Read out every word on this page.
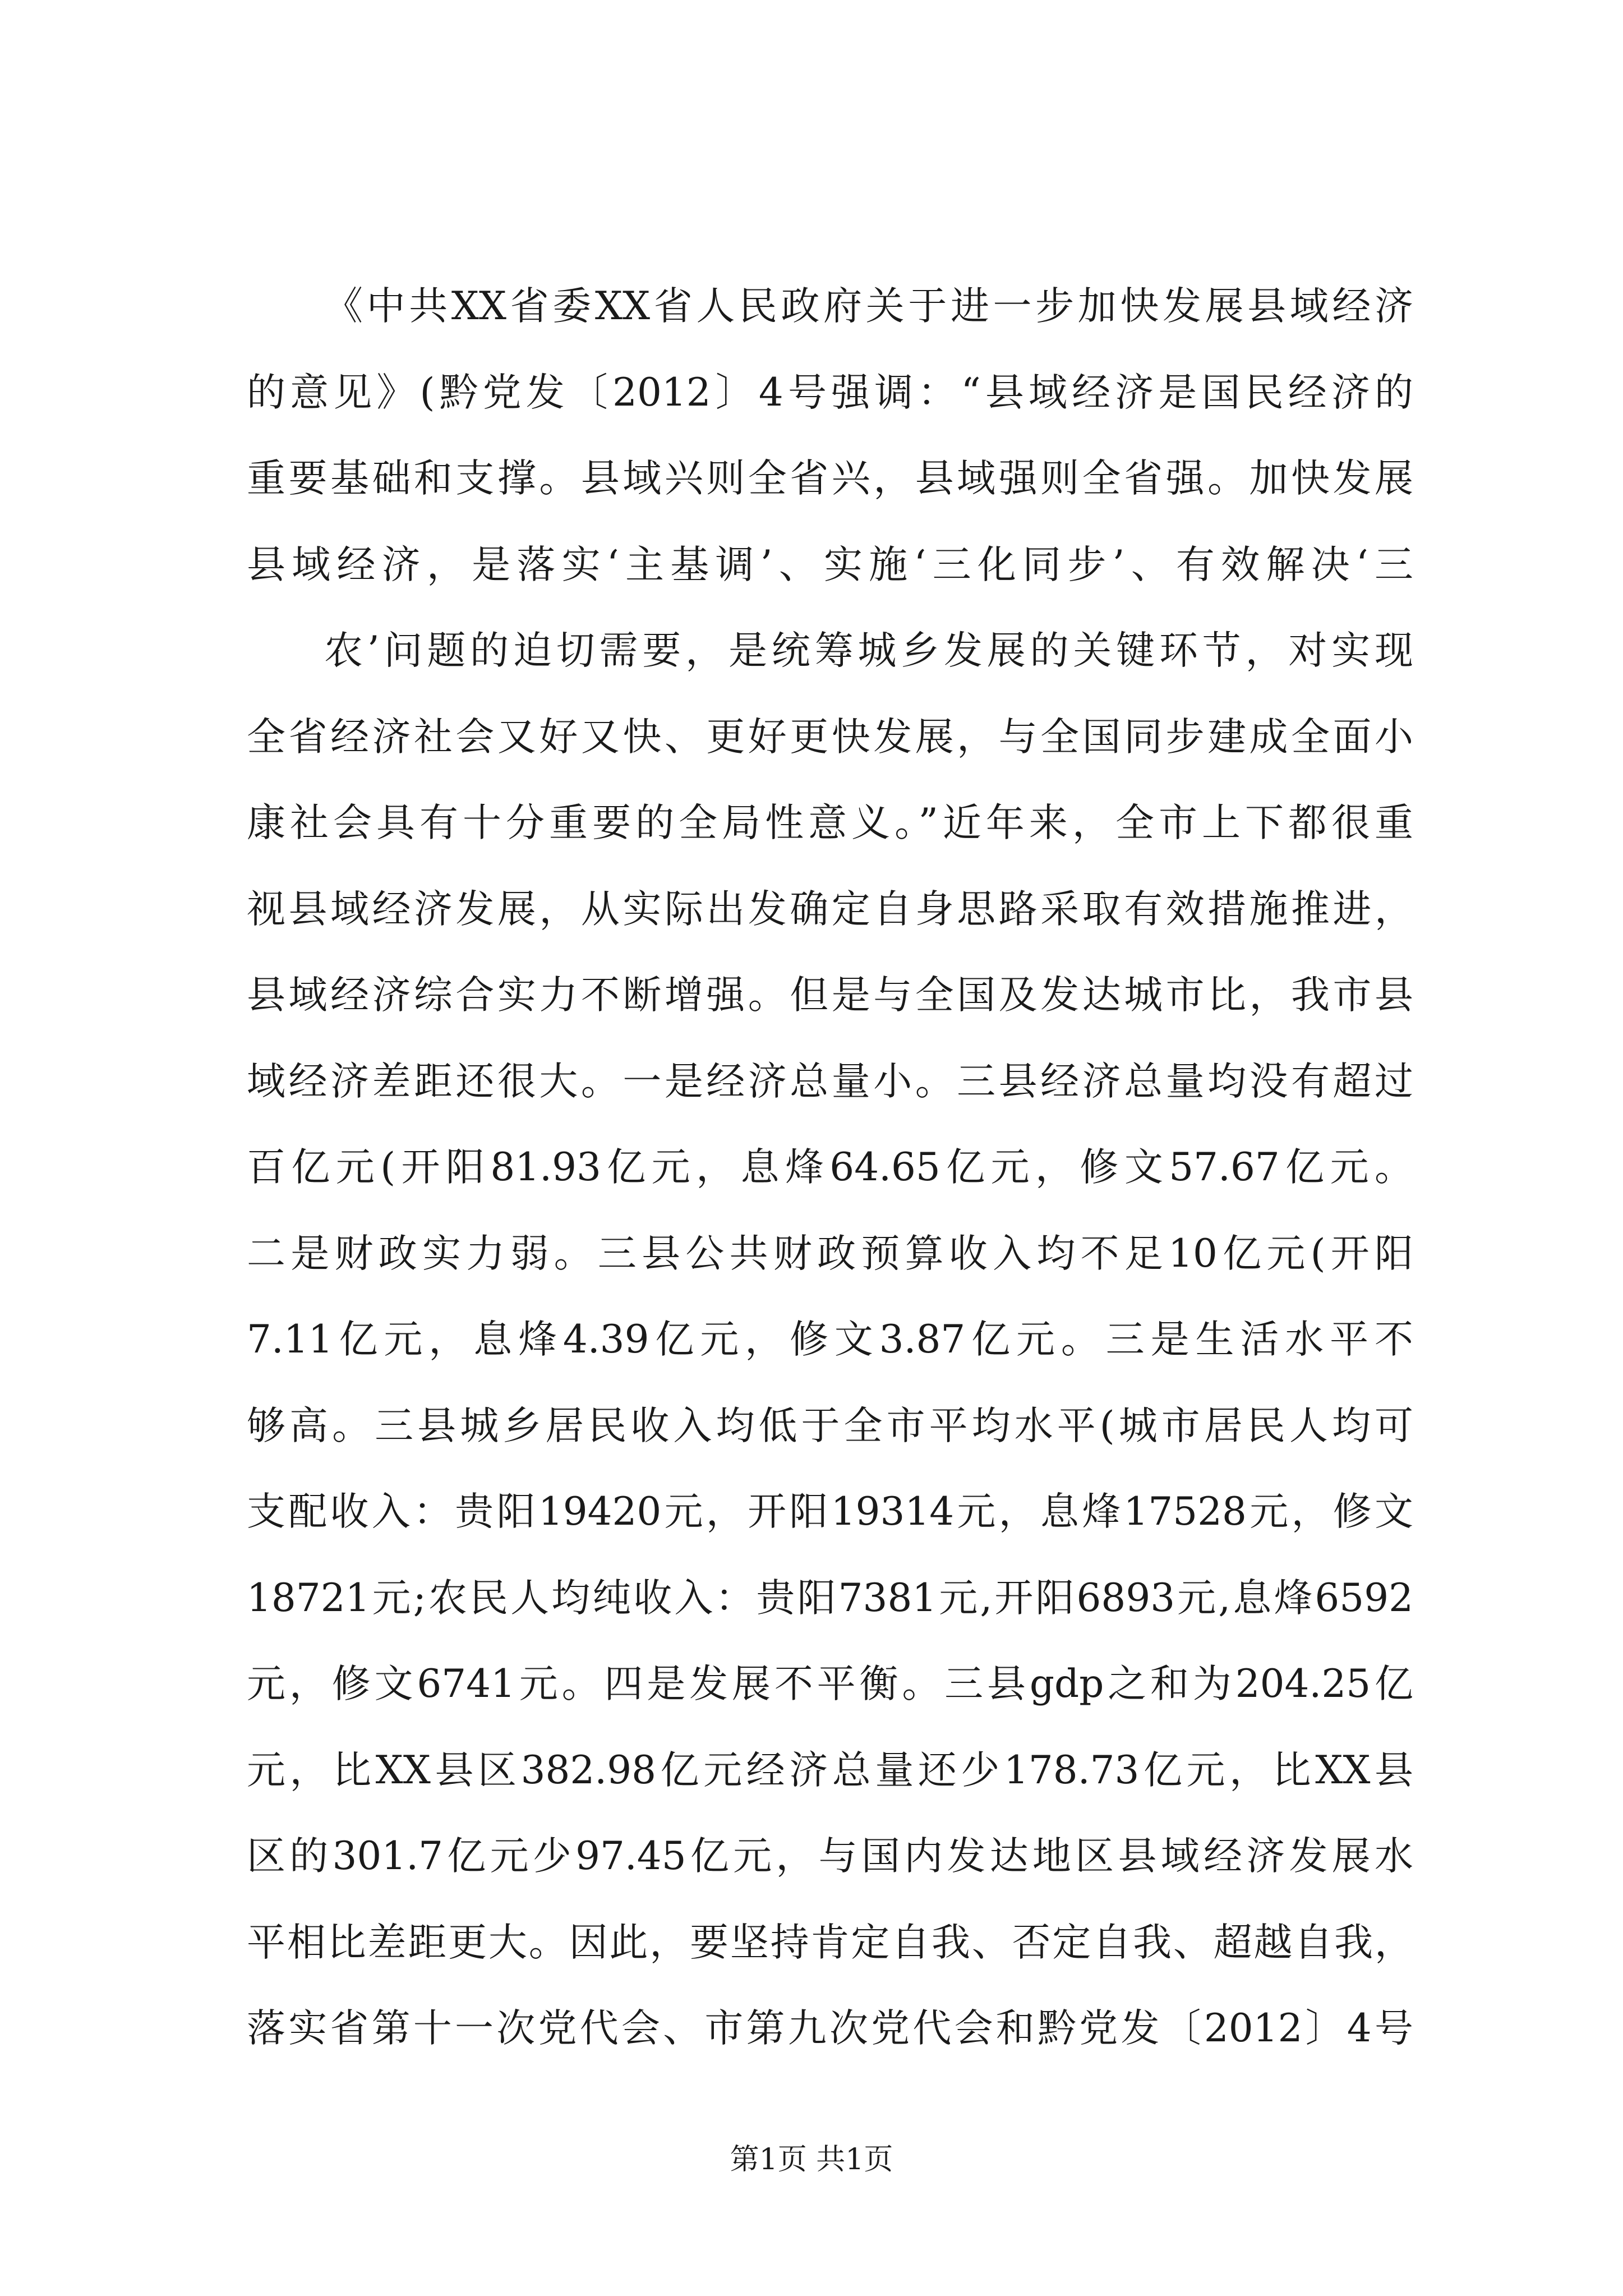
《中共XX省委XX省人民政府关于进一步加快发展县域经济
的意见》(黔党发〔2012〕4号强调：“县域经济是国民经济的
重要基础和支撑。县域兴则全省兴，县域强则全省强。加快发展
县域经济，是落实‘主基调’、实施‘三化同步’、有效解决‘三
农’问题的迫切需要，是统筹城乡发展的关键环节，对实现
全省经济社会又好又快、更好更快发展，与全国同步建成全面小
康社会具有十分重要的全局性意义。”近年来，全市上下都很重
视县域经济发展，从实际出发确定自身思路采取有效措施推进，
县域经济综合实力不断增强。但是与全国及发达城市比，我市县
域经济差距还很大。一是经济总量小。三县经济总量均没有超过
百亿元(开阳81.93亿元，息烽64.65亿元，修文57.67亿元。
二是财政实力弱。三县公共财政预算收入均不足10亿元(开阳
7.11亿元，息烽4.39亿元，修文3.87亿元。三是生活水平不
够高。三县城乡居民收入均低于全市平均水平(城市居民人均可
支配收入：贵阳19420元，开阳19314元，息烽17528元，修文
18721元;农民人均纯收入：贵阳7381元,开阳6893元,息烽6592
元，修文6741元。四是发展不平衡。三县gdp之和为204.25亿
元，比XX县区382.98亿元经济总量还少178.73亿元，比XX县
区的301.7亿元少97.45亿元，与国内发达地区县域经济发展水
平相比差距更大。因此，要坚持肯定自我、否定自我、超越自我，
落实省第十一次党代会、市第九次党代会和黔党发〔2012〕4号
第1页 共1页
